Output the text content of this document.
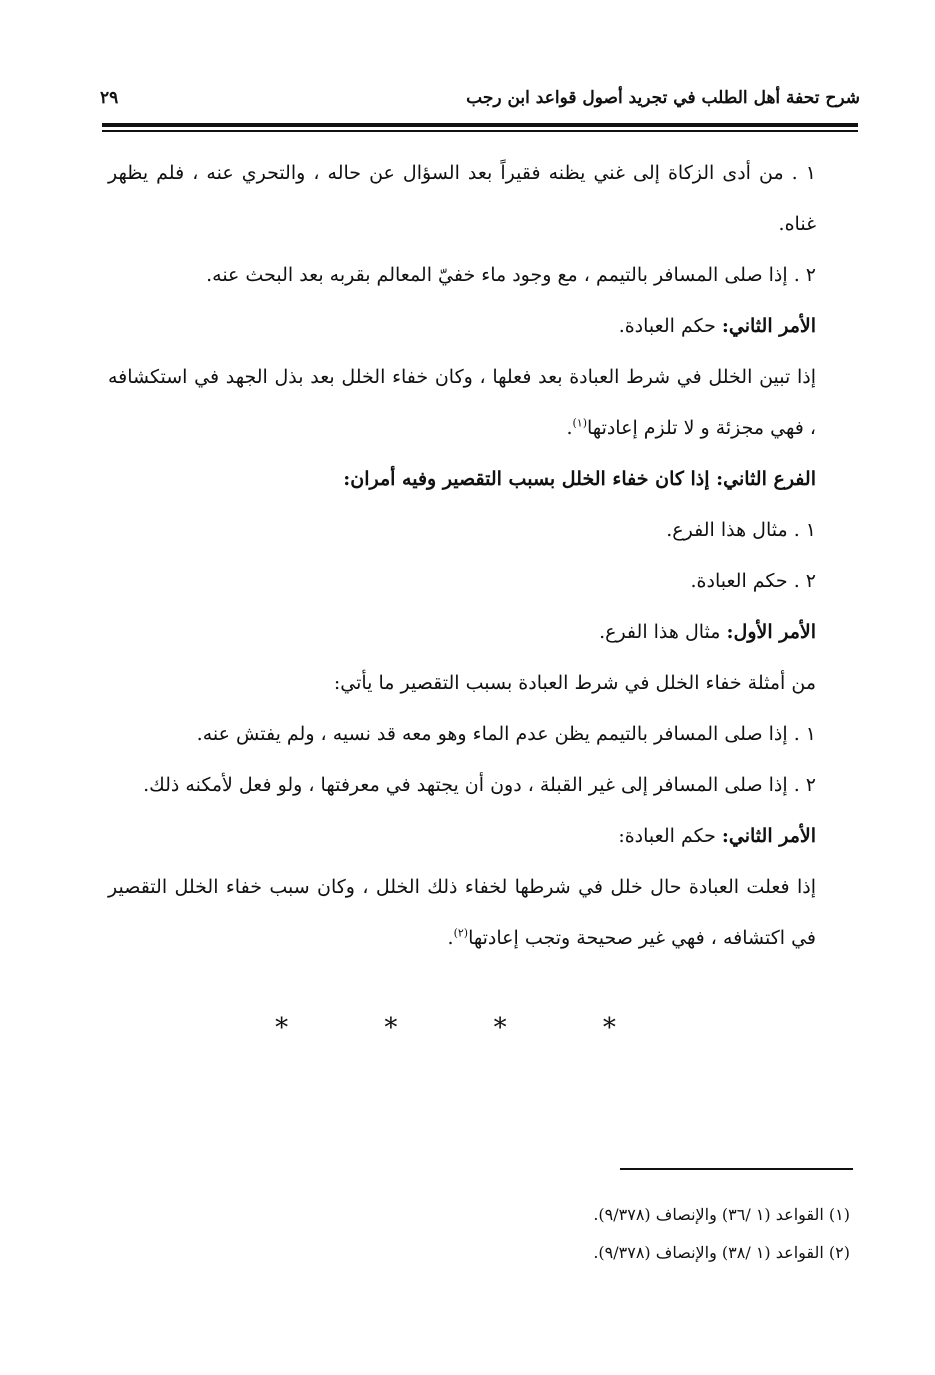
شرح تحفة أهل الطلب في تجريد أصول قواعد ابن رجب
٢٩

١ . من أدى الزكاة إلى غني يظنه فقيراً بعد السؤال عن حاله ، والتحري عنه ، فلم يظهر غناه.

٢ . إذا صلى المسافر بالتيمم ، مع وجود ماء خفيّ المعالم بقربه بعد البحث عنه.

الأمر الثاني: حكم العبادة.

إذا تبين الخلل في شرط العبادة بعد فعلها ، وكان خفاء الخلل بعد بذل الجهد في استكشافه ، فهي مجزئة و لا تلزم إعادتها$^{(١)}$.

الفرع الثاني: إذا كان خفاء الخلل بسبب التقصير وفيه أمران:

١ . مثال هذا الفرع.

٢ . حكم العبادة.

الأمر الأول: مثال هذا الفرع.

من أمثلة خفاء الخلل في شرط العبادة بسبب التقصير ما يأتي:

١ . إذا صلى المسافر بالتيمم يظن عدم الماء وهو معه قد نسيه ، ولم يفتش عنه.

٢ . إذا صلى المسافر إلى غير القبلة ، دون أن يجتهد في معرفتها ، ولو فعل لأمكنه ذلك.

الأمر الثاني: حكم العبادة:

إذا فعلت العبادة حال خلل في شرطها لخفاء ذلك الخلل ، وكان سبب خفاء الخلل التقصير في اكتشافه ، فهي غير صحيحة وتجب إعادتها$^{(٢)}$.

* * * *

(١) القواعد (١ /٣٦) والإنصاف (٩/٣٧٨).

(٢) القواعد (١ /٣٨) والإنصاف (٩/٣٧٨).
